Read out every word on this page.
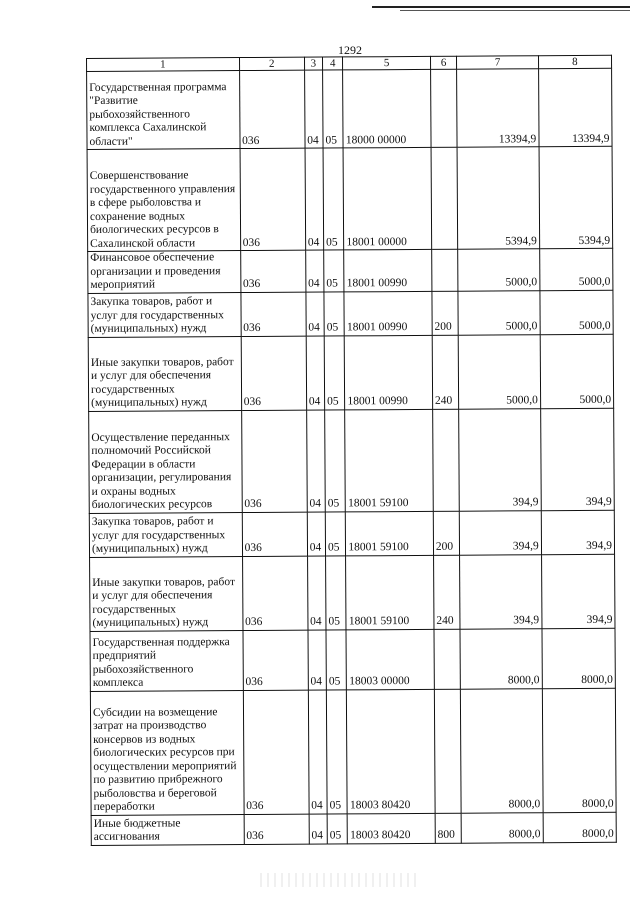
1292
1	2	3	4	5	6	7	8
Государственная программа "Развитие рыбохозяйственного комплекса Сахалинской области"	036	04	05	18000 00000		13394,9	13394,9
Совершенствование государственного управления в сфере рыболовства и сохранение водных биологических ресурсов в Сахалинской области	036	04	05	18001 00000		5394,9	5394,9
Финансовое обеспечение организации и проведения мероприятий	036	04	05	18001 00990		5000,0	5000,0
Закупка товаров, работ и услуг для государственных (муниципальных) нужд	036	04	05	18001 00990	200	5000,0	5000,0
Иные закупки товаров, работ и услуг для обеспечения государственных (муниципальных) нужд	036	04	05	18001 00990	240	5000,0	5000,0
Осуществление переданных полномочий Российской Федерации в области организации, регулирования и охраны водных биологических ресурсов	036	04	05	18001 59100		394,9	394,9
Закупка товаров, работ и услуг для государственных (муниципальных) нужд	036	04	05	18001 59100	200	394,9	394,9
Иные закупки товаров, работ и услуг для обеспечения государственных (муниципальных) нужд	036	04	05	18001 59100	240	394,9	394,9
Государственная поддержка предприятий рыбохозяйственного комплекса	036	04	05	18003 00000		8000,0	8000,0
Субсидии на возмещение затрат на производство консервов из водных биологических ресурсов при осуществлении мероприятий по развитию прибрежного рыболовства и береговой переработки	036	04	05	18003 80420		8000,0	8000,0
Иные бюджетные ассигнования	036	04	05	18003 80420	800	8000,0	8000,0
